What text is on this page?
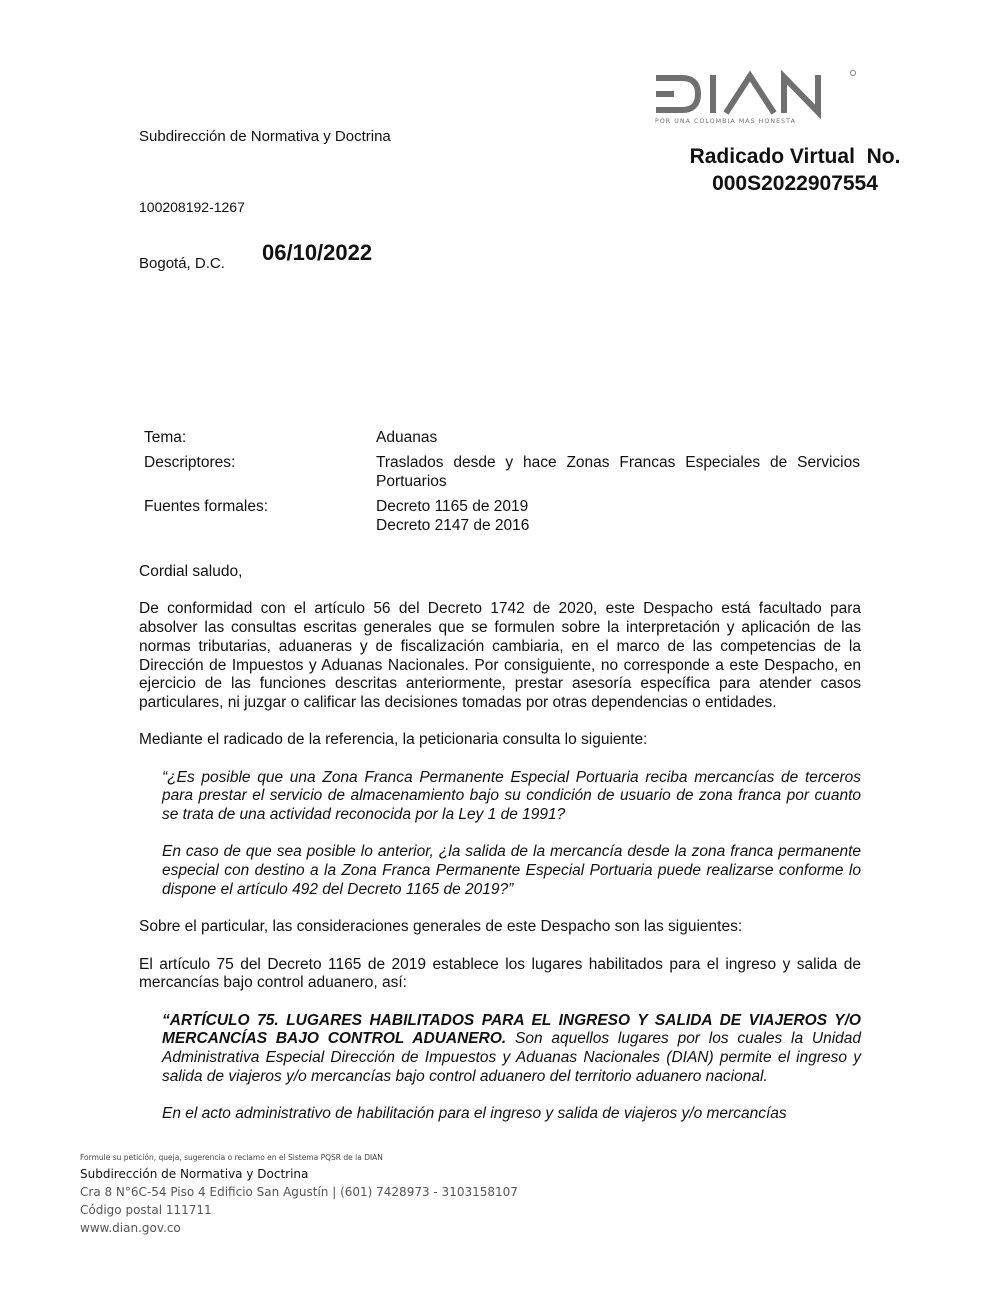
POR UNA COLOMBIA MÁS HONESTA
Subdirección de Normativa y Doctrina
Radicado Virtual  No.
000S2022907554
100208192-1267
Bogotá, D.C. 06/10/2022
Tema:	Aduanas
Descriptores:	Traslados desde y hace Zonas Francas Especiales de Servicios Portuarios
Fuentes formales:	Decreto 1165 de 2019
Decreto 2147 de 2016

Cordial saludo,

De conformidad con el artículo 56 del Decreto 1742 de 2020, este Despacho está facultado para absolver las consultas escritas generales que se formulen sobre la interpretación y aplicación de las normas tributarias, aduaneras y de fiscalización cambiaria, en el marco de las competencias de la Dirección de Impuestos y Aduanas Nacionales. Por consiguiente, no corresponde a este Despacho, en ejercicio de las funciones descritas anteriormente, prestar asesoría específica para atender casos particulares, ni juzgar o calificar las decisiones tomadas por otras dependencias o entidades.

Mediante el radicado de la referencia, la peticionaria consulta lo siguiente:

“¿Es posible que una Zona Franca Permanente Especial Portuaria reciba mercancías de terceros para prestar el servicio de almacenamiento bajo su condición de usuario de zona franca por cuanto se trata de una actividad reconocida por la Ley 1 de 1991?

En caso de que sea posible lo anterior, ¿la salida de la mercancía desde la zona franca permanente especial con destino a la Zona Franca Permanente Especial Portuaria puede realizarse conforme lo dispone el artículo 492 del Decreto 1165 de 2019?”

Sobre el particular, las consideraciones generales de este Despacho son las siguientes:

El artículo 75 del Decreto 1165 de 2019 establece los lugares habilitados para el ingreso y salida de mercancías bajo control aduanero, así:

“ARTÍCULO 75. LUGARES HABILITADOS PARA EL INGRESO Y SALIDA DE VIAJEROS Y/O MERCANCÍAS BAJO CONTROL ADUANERO. Son aquellos lugares por los cuales la Unidad Administrativa Especial Dirección de Impuestos y Aduanas Nacionales (DIAN) permite el ingreso y salida de viajeros y/o mercancías bajo control aduanero del territorio aduanero nacional.

En el acto administrativo de habilitación para el ingreso y salida de viajeros y/o mercancías

Formule su petición, queja, sugerencia o reclamo en el Sistema PQSR de la DIAN
Subdirección de Normativa y Doctrina
Cra 8 N°6C-54 Piso 4 Edificio San Agustín | (601) 7428973 - 3103158107
Código postal 111711
www.dian.gov.co
